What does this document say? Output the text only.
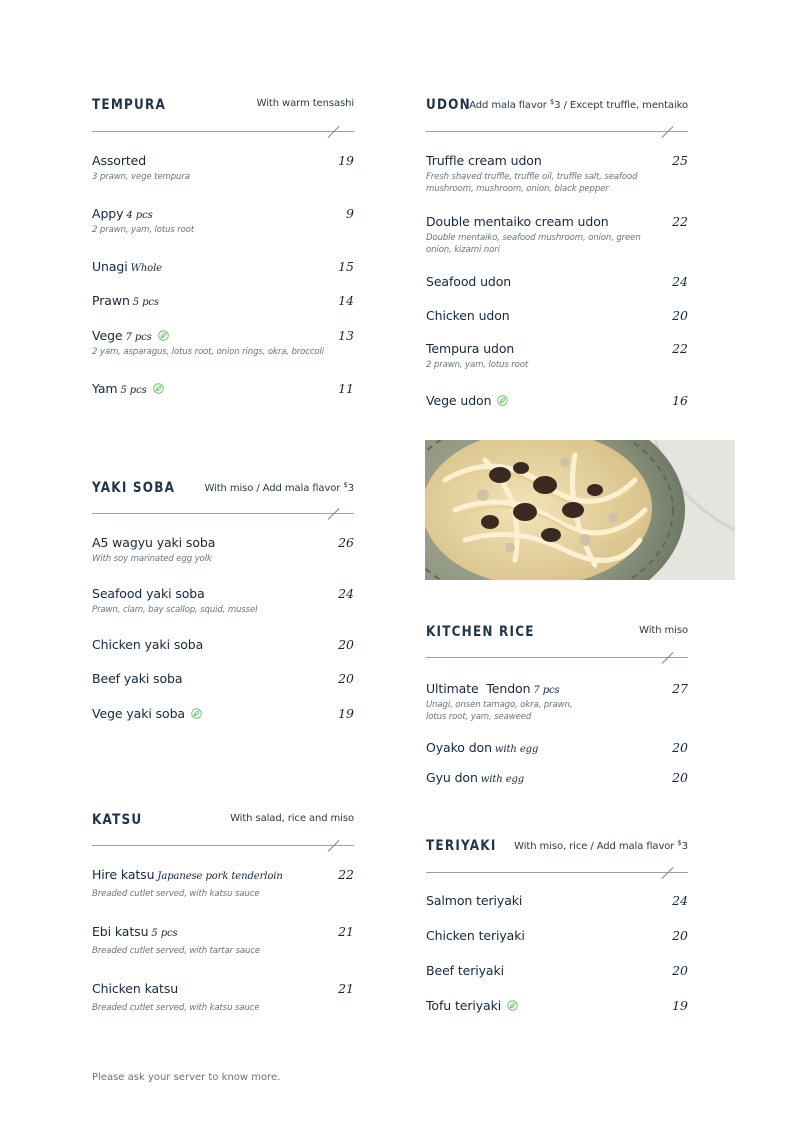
TEMPURA	With warm tensashi
Assorted	19
3 prawn, vege tempura
Appy 4 pcs	9
2 prawn, yam, lotus root
Unagi Whole	15
Prawn 5 pcs	14
Vege 7 pcs	13
2 yam, asparagus, lotus root, onion rings, okra, broccoli
Yam 5 pcs	11
UDON
Add mala flavor $3 / Except truffle, mentaiko
Truffle cream udon	25
Fresh shaved truffle, truffle oil, truffle salt, seafood
mushroom, mushroom, onion, black pepper
Double mentaiko cream udon	22
Double mentaiko, seafood mushroom, onion, green
onion, kizami nori
Seafood udon	24
Chicken udon	20
Tempura udon	22
2 prawn, yam, lotus root
Vege udon	16
YAKI SOBA	With miso / Add mala flavor $3
A5 wagyu yaki soba	26
With soy marinated egg yolk
Seafood yaki soba	24
Prawn, clam, bay scallop, squid, mussel
Chicken yaki soba	20
Beef yaki soba	20
Vege yaki soba	19
KITCHEN RICE	With miso
Ultimate  Tendon 7 pcs	27
Unagi, onsen tamago, okra, prawn,
lotus root, yam, seaweed
Oyako don with egg	20
Gyu don with egg	20
KATSU	With salad, rice and miso
Hire katsu Japanese pork tenderloin	22
Breaded cutlet served, with katsu sauce
Ebi katsu 5 pcs	21
Breaded cutlet served, with tartar sauce
Chicken katsu	21
Breaded cutlet served, with katsu sauce
TERIYAKI With miso, rice / Add mala flavor $3
Salmon teriyaki	24
Chicken teriyaki	20
Beef teriyaki	20
Tofu teriyaki	19
Please ask your server to know more.
